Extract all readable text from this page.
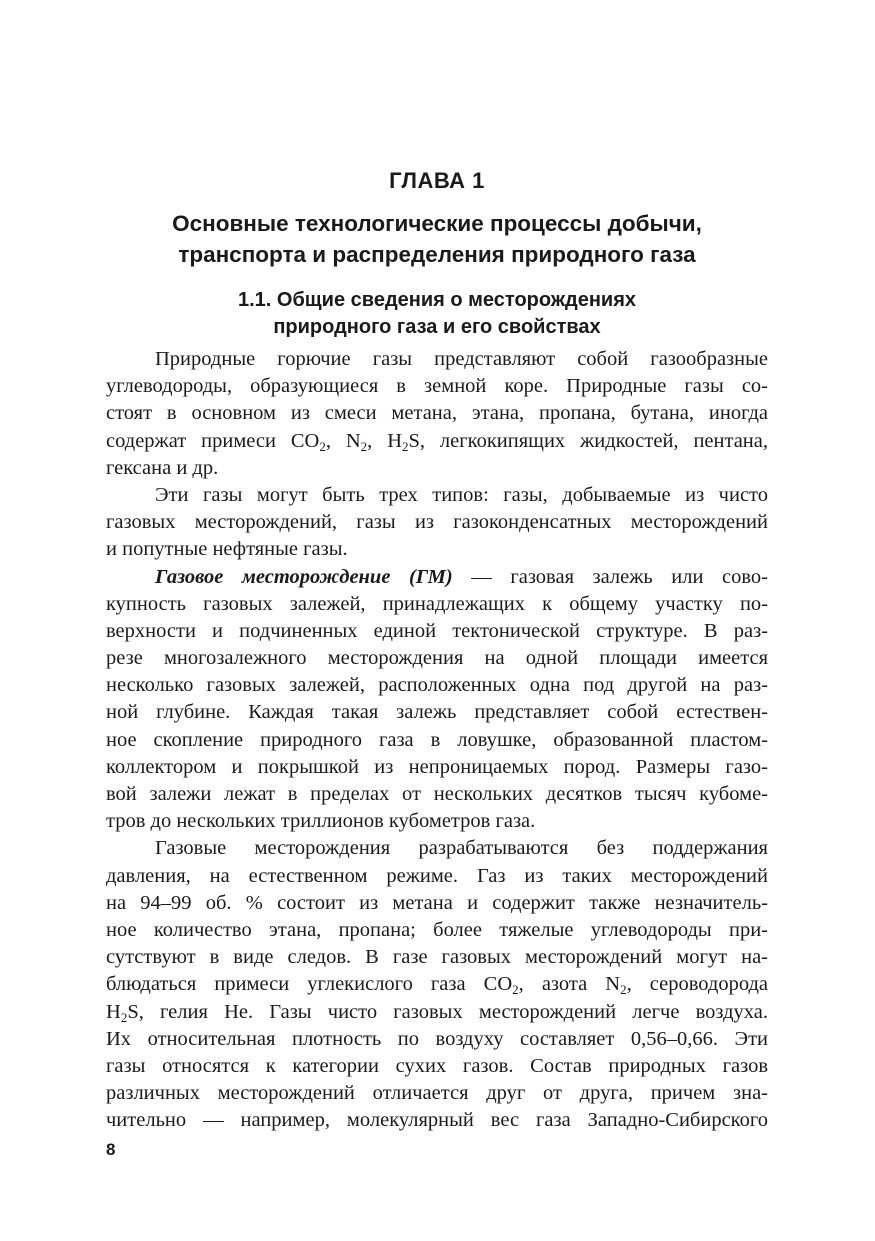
ГЛАВА 1
Основные технологические процессы добычи,
транспорта и распределения природного газа
1.1. Общие сведения о месторождениях
природного газа и его свойствах

Природные горючие газы представляют собой газообразные
углеводороды, образующиеся в земной коре. Природные газы со-
стоят в основном из смеси метана, этана, пропана, бутана, иногда
содержат примеси $CO_2$, $N_2$, $H_2S$, легкокипящих жидкостей, пентана,
гексана и др.

Эти газы могут быть трех типов: газы, добываемые из чисто
газовых месторождений, газы из газоконденсатных месторождений
и попутные нефтяные газы.

Газовое месторождение (ГМ) — газовая залежь или сово-
купность газовых залежей, принадлежащих к общему участку по-
верхности и подчиненных единой тектонической структуре. В раз-
резе многозалежного месторождения на одной площади имеется
несколько газовых залежей, расположенных одна под другой на раз-
ной глубине. Каждая такая залежь представляет собой естествен-
ное скопление природного газа в ловушке, образованной пластом-
коллектором и покрышкой из непроницаемых пород. Размеры газо-
вой залежи лежат в пределах от нескольких десятков тысяч кубоме-
тров до нескольких триллионов кубометров газа.

Газовые месторождения разрабатываются без поддержания
давления, на естественном режиме. Газ из таких месторождений
на 94–99 об. % состоит из метана и содержит также незначитель-
ное количество этана, пропана; более тяжелые углеводороды при-
сутствуют в виде следов. В газе газовых месторождений могут на-
блюдаться примеси углекислого газа $CO_2$, азота $N_2$, сероводорода
$H_2S$, гелия He. Газы чисто газовых месторождений легче воздуха.
Их относительная плотность по воздуху составляет 0,56–0,66. Эти
газы относятся к категории сухих газов. Состав природных газов
различных месторождений отличается друг от друга, причем зна-
чительно — например, молекулярный вес газа Западно-Сибирского

8
